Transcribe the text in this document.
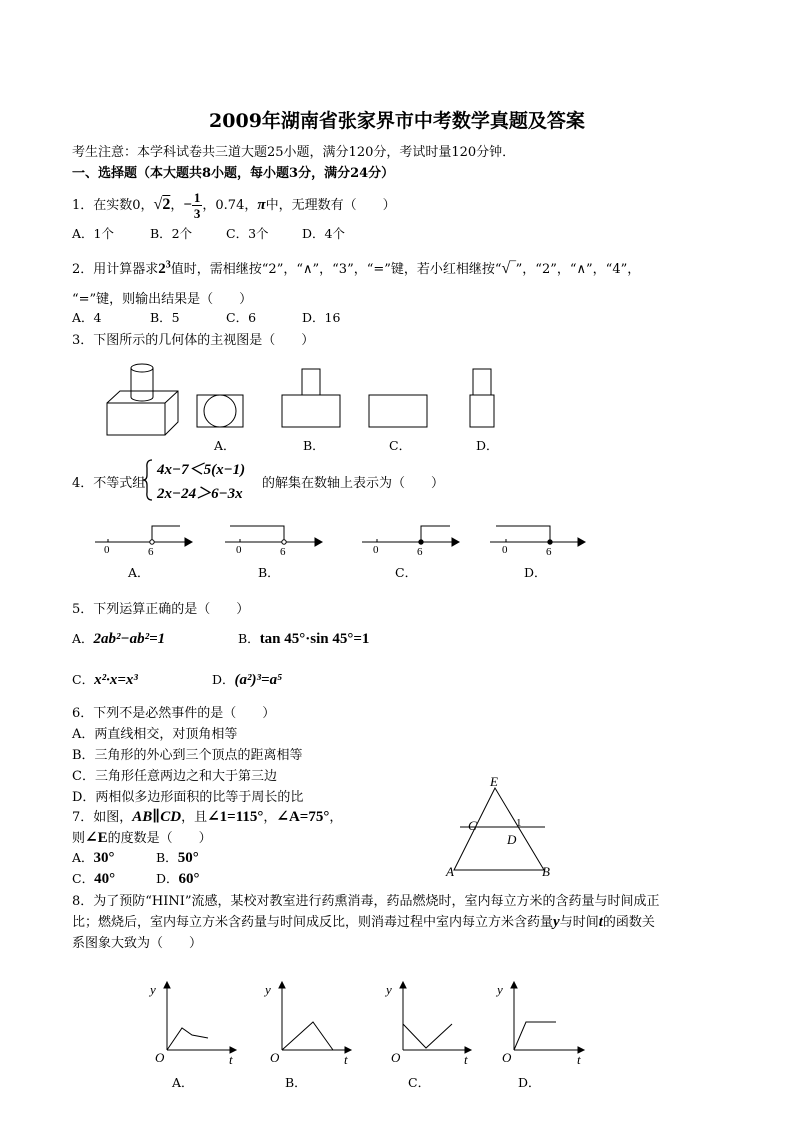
2009年湖南省张家界市中考数学真题及答案
考生注意：本学科试卷共三道大题25小题，满分120分，考试时量120分钟．
一、选择题（本大题共8小题，每小题3分，满分24分）
1．在实数0，√2，− $\frac{1}{3}$ ，0.74，π中，无理数有（　　）
A．1个	B．2个	C．3个	D．4个
2．用计算器求$2^3$值时，需相继按“2”，“∧”，“3”，“=”键，若小红相继按“√‾”，“2”，“∧”，“4”，
“=”键，则输出结果是（　　）
A．4	B．5	C．6	D．16
3．下图所示的几何体的主视图是（　　）
A．	B．	C．	D．
4．不等式组
4x−7＜5(x−1)
2x−24＞6−3x
的解集在数轴上表示为（　　）
0	6	0	6	0	6	0	6
A．	B．	C．	D．
5．下列运算正确的是（　　）
A．2ab²−ab²=1	B．tan 45°·sin 45°=1
C．x²·x=x³	D．(a²)³=a⁵
6．下列不是必然事件的是（　　）
A．两直线相交，对顶角相等
B．三角形的外心到三个顶点的距离相等
C．三角形任意两边之和大于第三边
D．两相似多边形面积的比等于周长的比
7．如图，AB∥CD，且∠1=115°，∠A=75°，
则∠E的度数是（　　）
A．30°	B．50°
C．40°	D．60°
E
C	1
D
A	B
8．为了预防“HINI”流感，某校对教室进行药熏消毒，药品燃烧时，室内每立方米的含药量与时间成正
比；燃烧后，室内每立方米含药量与时间成反比，则消毒过程中室内每立方米含药量y与时间t的函数关
系图象大致为（　　）
y
O	t
y
O	t
y
O	t
y
O	t
A．	B．	C．	D．
